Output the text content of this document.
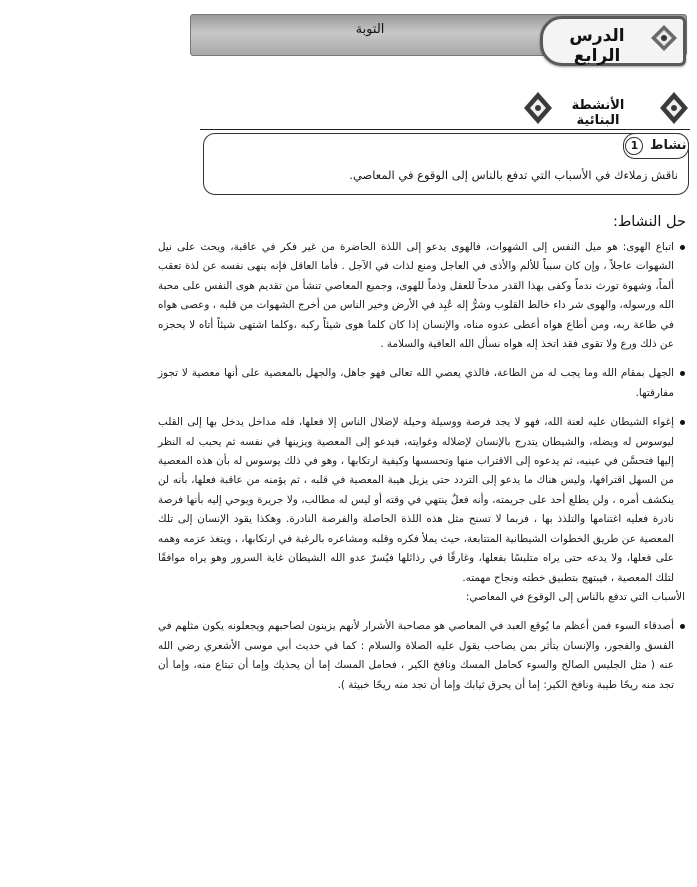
التوبة	الدرس الرابع
الأنشطة البنائية
نشاط 1
ناقش زملاءك في الأسباب التي تدفع بالناس إلى الوقوع في المعاصي.
حل النشاط:

اتباع الهوى: هو ميل النفس إلى الشهوات، فالهوى يدعو إلى اللذة الحاضرة من غير فكر في عاقبة، ويحث على نيل الشهوات عاجلاً ، وإن كان سبباً للألم والأذى في العاجل ومنع لذات في الآجل . فأما العاقل فإنه ينهى نفسه عن لذة تعقب ألماً، وشهوة تورث ندماً وكفى بهذا القدر مدحاً للعقل وذماً للهوى، وجميع المعاصي تنشأ من تقديم هوى النفس على محبة الله ورسوله، والهوى شر داء خالط القلوب وشرُّ إله عُبِد في الأرض وخير الناس من أخرج الشهوات من قلبه ، وعصى هواه في طاعة ربه، ومن أطاع هواه أعطى عدوه مناه، والإنسان إذا كان كلما هوى شيئاً ركبه ،وكلما اشتهى شيئاً أتاه لا يحجزه عن ذلك ورع ولا تقوى فقد اتخذ إله هواه نسأل الله العافية والسلامة .

الجهل بمقام الله وما يجب له من الطاعة، فالذي يعصي الله تعالى فهو جاهل، والجهل بالمعصية على أنها معصية لا تجوز مفارقتها.

إغواء الشيطان عليه لعنة الله، فهو لا يجد فرصة ووسيلة وحيلة لإضلال الناس إلا فعلها، فله مداخل يدخل بها إلى القلب ليوسوس له ويضله، والشيطان يتدرج بالإنسان لإضلاله وغوايته، فيدعو إلى المعصية ويزينها في نفسه ثم يحبب له النظر إليها فتحسَّن في عينيه، ثم يدعوه إلى الاقتراب منها وتحسسها وكيفية ارتكابها ، وهو في ذلك يوسوس له بأن هذه المعصية من السهل اقترافها، وليس هناك ما يدعو إلى التردد حتى يزيل هيبة المعصية في قلبه ، ثم يؤمنه من عاقبة فعلها، بأنه لن ينكشف أمره ، ولن يطلع أحد على جريمته، وأنه فعلٌ ينتهي في وقته أو ليس له مطالب، ولا جريرة ويوحي إليه بأنها فرصة نادرة فعليه اغتنامها والتلذذ بها ، فربما لا تسنح مثل هذه اللذة الحاصلة والفرصة النادرة. وهكذا يقود الإنسان إلى تلك المعصية عن طريق الخطوات الشيطانية المتتابعة، حيث يملأ فكره وقلبه ومشاعره بالرغبة في ارتكابها، ، ويتغذ عزمه وهمه على فعلها، ولا يدعه حتى يراه متلبسًا بفعلها، وغارقًا في رذائلها فيُسرّ عدو الله الشيطان غاية السرور وهو يراه موافقًا لتلك المعصية ، فيبتهج بتطبيق خطته ونجاح مهمته.

الأسباب التي تدفع بالناس إلى الوقوع في المعاصي:

أصدقاء السوء فمن أعظم ما يُوقع العبد في المعاصي هو مصاحبة الأشرار لأنهم يزينون لصاحبهم ويجعلونه يكون مثلهم في الفسق والفجور، والإنسان يتأثر بمن يصاحب يقول عليه الصلاة والسلام : كما في حديث أبي موسى الأشعري رضي الله عنه ( مثل الجليس الصالح والسوء كحامل المسك ونافخ الكير ، فحامل المسك إما أن يحذيك وإما أن تبتاع منه، وإما أن تجد منه ريحًا طيبة ونافخ الكير: إما أن يحرق ثيابك وإما أن تجد منه ريحًا خبيثة ).
